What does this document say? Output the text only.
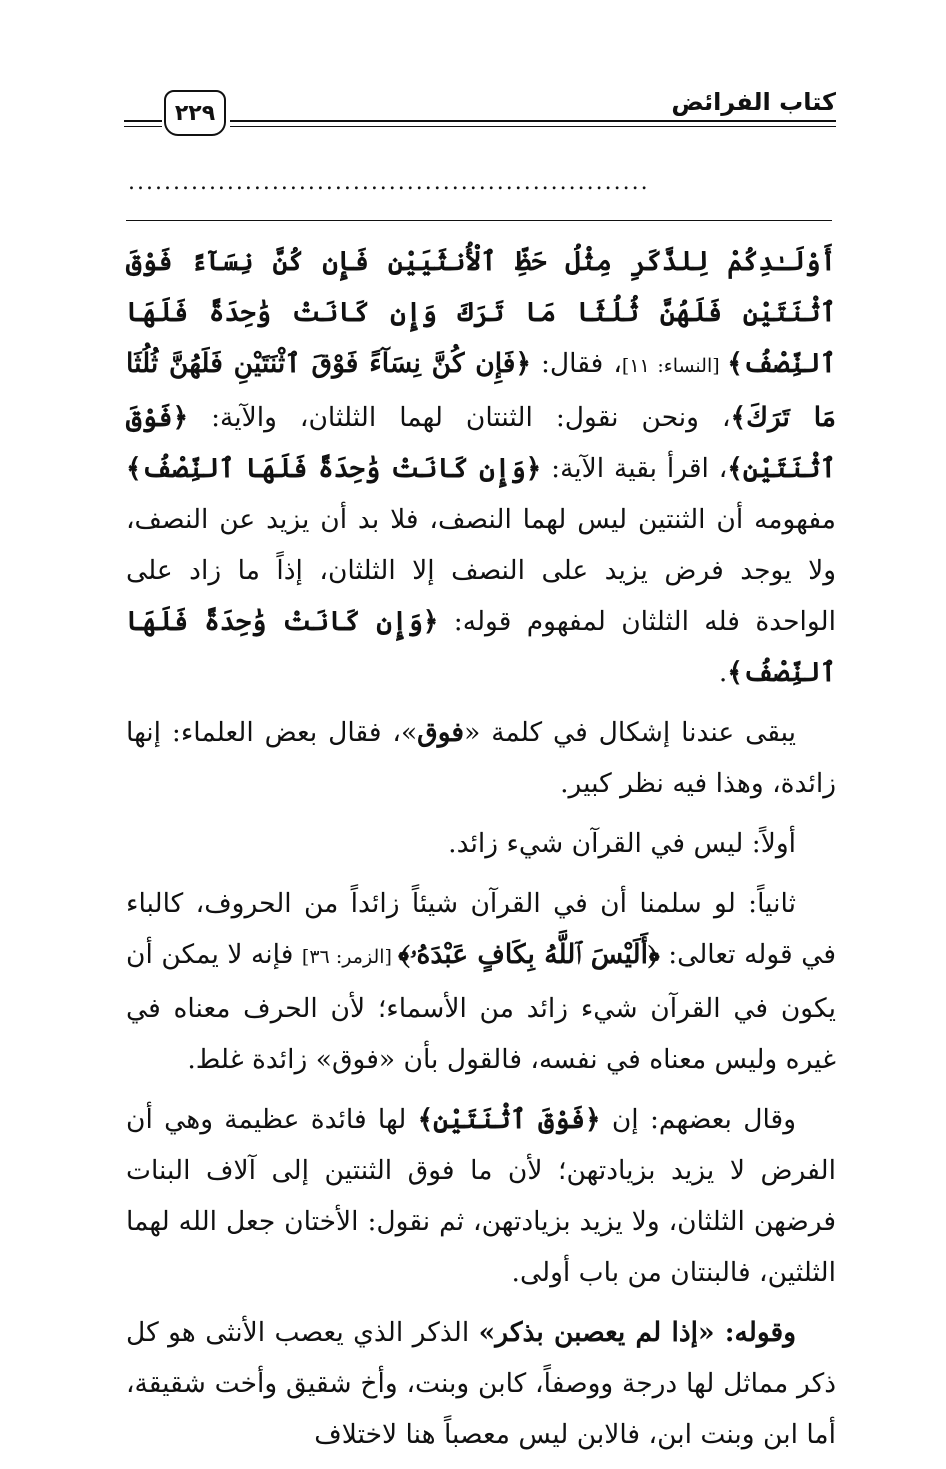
كتاب الفرائض
٢٢٩
..........................................................

أَوْلَـٰدِكُمْ لِلذَّكَرِ مِثْلُ حَظِّ ٱلْأُنثَيَيْنِ فَإِن كُنَّ نِسَآءً فَوْقَ ٱثْنَتَيْنِ فَلَهُنَّ ثُلُثَا مَا تَرَكَ وَإِن كَانَتْ وَٰحِدَةً فَلَهَا ٱلنِّصْفُ﴾ [النساء: ١١]، فقال: ﴿فَإِن كُنَّ نِسَآءً فَوْقَ ٱثْنَتَيْنِ فَلَهُنَّ ثُلُثَا مَا تَرَكَ﴾، ونحن نقول: الثنتان لهما الثلثان، والآية: ﴿فَوْقَ ٱثْنَتَيْنِ﴾، اقرأ بقية الآية: ﴿وَإِن كَانَتْ وَٰحِدَةً فَلَهَا ٱلنِّصْفُ﴾ مفهومه أن الثنتين ليس لهما النصف، فلا بد أن يزيد عن النصف، ولا يوجد فرض يزيد على النصف إلا الثلثان، إذاً ما زاد على الواحدة فله الثلثان لمفهوم قوله: ﴿وَإِن كَانَتْ وَٰحِدَةً فَلَهَا ٱلنِّصْفُ﴾.

يبقى عندنا إشكال في كلمة «فوق»، فقال بعض العلماء: إنها زائدة، وهذا فيه نظر كبير.

أولاً: ليس في القرآن شيء زائد.

ثانياً: لو سلمنا أن في القرآن شيئاً زائداً من الحروف، كالباء في قوله تعالى: ﴿أَلَيْسَ ٱللَّهُ بِكَافٍ عَبْدَهُۥ﴾ [الزمر: ٣٦] فإنه لا يمكن أن يكون في القرآن شيء زائد من الأسماء؛ لأن الحرف معناه في غيره وليس معناه في نفسه، فالقول بأن «فوق» زائدة غلط.

وقال بعضهم: إن ﴿فَوْقَ ٱثْنَتَيْنِ﴾ لها فائدة عظيمة وهي أن الفرض لا يزيد بزيادتهن؛ لأن ما فوق الثنتين إلى آلاف البنات فرضهن الثلثان، ولا يزيد بزيادتهن، ثم نقول: الأختان جعل الله لهما الثلثين، فالبنتان من باب أولى.

وقوله: «إذا لم يعصبن بذكر» الذكر الذي يعصب الأنثى هو كل ذكر مماثل لها درجة ووصفاً، كابن وبنت، وأخ شقيق وأخت شقيقة، أما ابن وبنت ابن، فالابن ليس معصباً هنا لاختلاف
